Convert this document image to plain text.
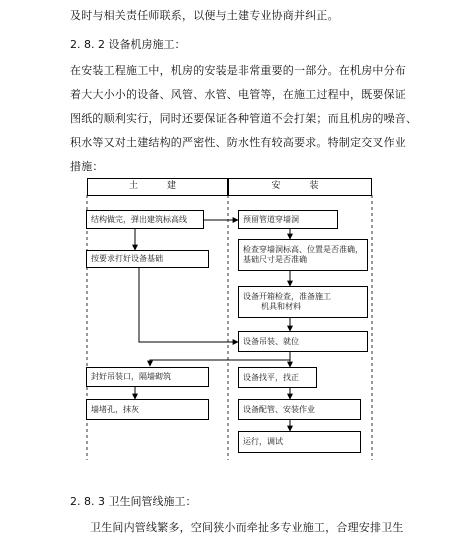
及时与相关责任师联系，以便与土建专业协商并纠正。
2. 8. 2 设备机房施工：
在安装工程施工中，机房的安装是非常重要的一部分。在机房中分布
着大大小小的设备、风管、水管、电管等，在施工过程中，既要保证
图纸的顺利实行，同时还要保证各种管道不会打架；而且机房的噪音、
积水等又对土建结构的严密性、防水性有较高要求。特制定交叉作业
措施：
土　建	安　装
结构做完，弹出建筑标高线
按要求打好设备基础
封好吊装口，隔墙砌筑
墙堵孔，抹灰
预留管道穿墙洞
检查穿墙洞标高、位置是否准确，
基础尺寸是否准确
设备开箱检查，准备施工
机具和材料
设备吊装、就位
设备找平，找正
设备配管、安装作业
运行，调试
2. 8. 3 卫生间管线施工：
卫生间内管线繁多，空间狭小而牵扯多专业施工，合理安排卫生
